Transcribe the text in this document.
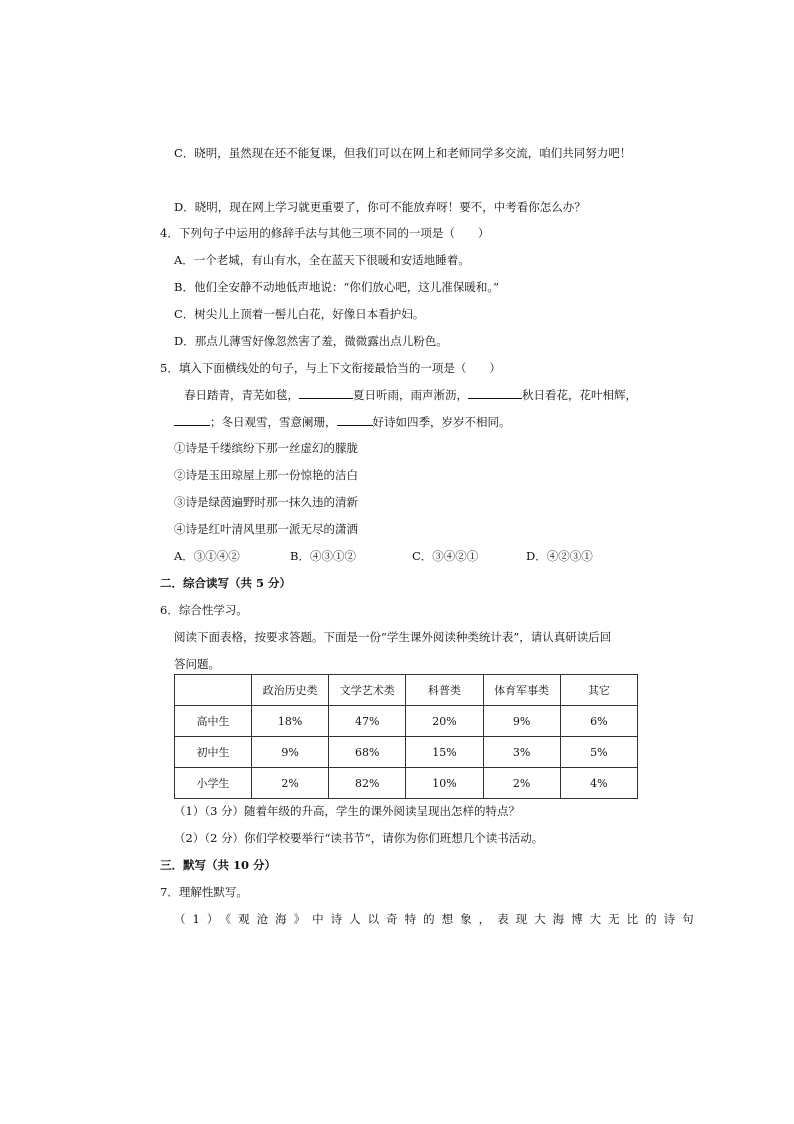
C．晓明，虽然现在还不能复课，但我们可以在网上和老师同学多交流，咱们共同努力吧！
D．晓明，现在网上学习就更重要了，你可不能放弃呀！要不，中考看你怎么办？
4．下列句子中运用的修辞手法与其他三项不同的一项是（　　）
A．一个老城，有山有水，全在蓝天下很暖和安适地睡着。
B．他们全安静不动地低声地说：“你们放心吧，这儿准保暖和。”
C．树尖儿上顶着一髻儿白花，好像日本看护妇。
D．那点儿薄雪好像忽然害了羞，微微露出点儿粉色。
5．填入下面横线处的句子，与上下文衔接最恰当的一项是（　　）
春日踏青，青芜如毯，	夏日听雨，雨声淅沥，	秋日看花，花叶相辉，
；冬日观雪，雪意阑珊，	好诗如四季，岁岁不相同。
①诗是千缕缤纷下那一丝虚幻的朦胧
②诗是玉田琼屋上那一份惊艳的洁白
③诗是绿茵遍野时那一抹久违的清新
④诗是红叶清风里那一派无尽的潇洒
A．③①④②	B．④③①②	C．③④②①	D．④②③①
二．综合读写（共 5 分）
6．综合性学习。
阅读下面表格，按要求答题。下面是一份“学生课外阅读种类统计表”，请认真研读后回
答问题。
	政治历史类	文学艺术类	科普类	体育军事类	其它
高中生	18%	47%	20%	9%	6%
初中生	9%	68%	15%	3%	5%
小学生	2%	82%	10%	2%	4%
（1）（3 分）随着年级的升高，学生的课外阅读呈现出怎样的特点？
（2）（2 分）你们学校要举行“读书节”，请你为你们班想几个读书活动。
三．默写（共 10 分）
7．理解性默写。
（1）《观沧海》中诗人以奇特的想象，表现大海博大无比的诗句
